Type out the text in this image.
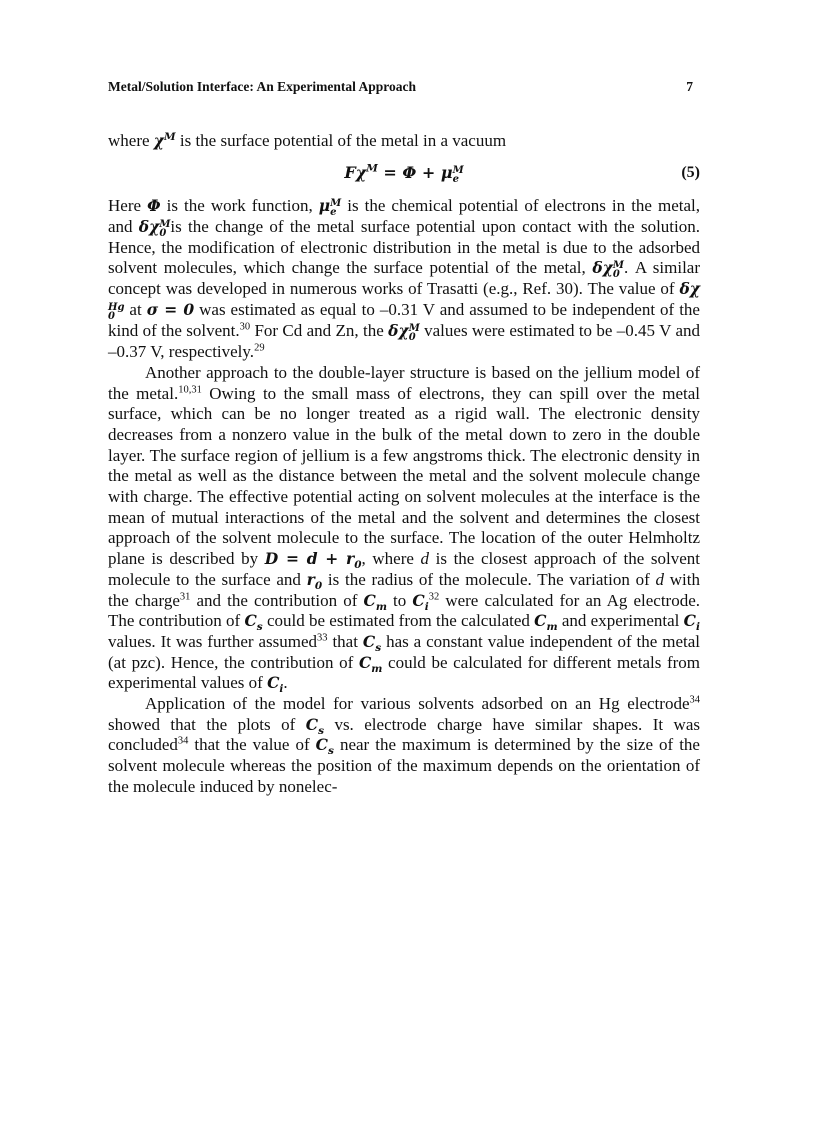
Metal/Solution Interface: An Experimental Approach	7

where $\chi^M$ is the surface potential of the metal in a vacuum

$F\chi^M = \Phi + \mu$ M
e	(5)

Here Φ is the work function, μ M
e is the chemical potential of electrons in the metal, and δχ M
0 is the change of the metal surface potential upon contact with the solution. Hence, the modification of electronic distribution in the metal is due to the adsorbed solvent molecules, which change the surface potential of the metal, δχ M
0 . A similar concept was developed in numerous works of Trasatti (e.g., Ref. 30). The value of δχ
Hg
0 at σ = 0 was estimated as equal to –0.31 V and assumed to be independent of the kind of the solvent.$^{30}$ For Cd and Zn, the δχ M
0 values were estimated to be –0.45 V and –0.37 V, respectively.$^{29}$

Another approach to the double-layer structure is based on the jellium model of the metal.$^{10,31}$ Owing to the small mass of electrons, they can spill over the metal surface, which can be no longer treated as a rigid wall. The electronic density decreases from a nonzero value in the bulk of the metal down to zero in the double layer. The surface region of jellium is a few angstroms thick. The electronic density in the metal as well as the distance between the metal and the solvent molecule change with charge. The effective potential acting on solvent molecules at the interface is the mean of mutual interactions of the metal and the solvent and determines the closest approach of the solvent molecule to the surface. The location of the outer Helmholtz plane is described by $D = d + r_0$, where d is the closest approach of the solvent molecule to the surface and $r_0$ is the radius of the molecule. The variation of d with the charge$^{31}$ and the contribution of $C_m$ to $C_i^{32}$ were calculated for an Ag electrode. The contribution of $C_s$ could be estimated from the calculated $C_m$ and experimental $C_i$ values. It was further assumed$^{33}$ that $C_s$ has a constant value independent of the metal (at pzc). Hence, the contribution of $C_m$ could be calculated for different metals from experimental values of $C_i$.

Application of the model for various solvents adsorbed on an Hg electrode$^{34}$ showed that the plots of $C_s$ vs. electrode charge have similar shapes. It was concluded$^{34}$ that the value of $C_s$ near the maximum is determined by the size of the solvent molecule whereas the position of the maximum depends on the orientation of the molecule induced by nonelec-
